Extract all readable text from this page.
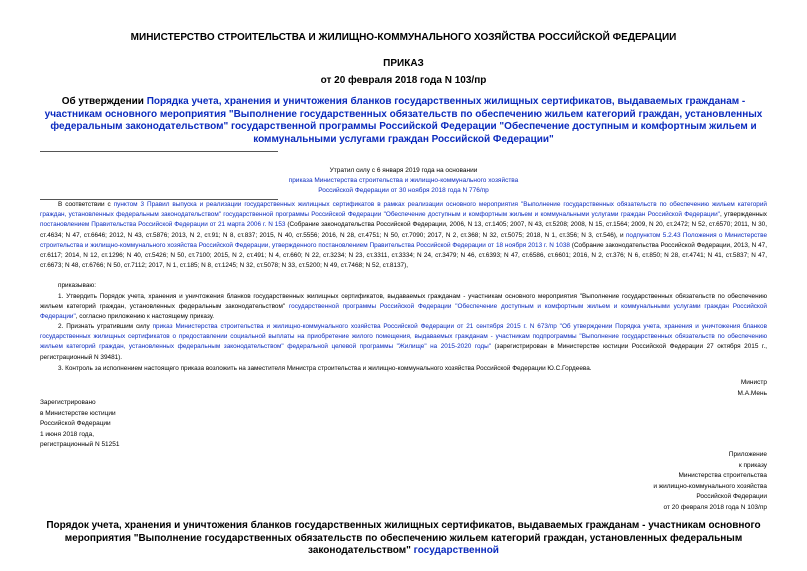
МИНИСТЕРСТВО СТРОИТЕЛЬСТВА И ЖИЛИЩНО-КОММУНАЛЬНОГО ХОЗЯЙСТВА РОССИЙСКОЙ ФЕДЕРАЦИИ
ПРИКАЗ
от 20 февраля 2018 года N 103/пр
Об утверждении Порядка учета, хранения и уничтожения бланков государственных жилищных сертификатов, выдаваемых гражданам - участникам основного мероприятия "Выполнение государственных обязательств по обеспечению жильем категорий граждан, установленных федеральным законодательством" государственной программы Российской Федерации "Обеспечение доступным и комфортным жильем и коммунальными услугами граждан Российской Федерации"
Утратил силу с 6 января 2019 года на основании
приказа Министерства строительства и жилищно-коммунального хозяйства
Российской Федерации от 30 ноября 2018 года N 776/пр
В соответствии с пунктом 3 Правил выпуска и реализации государственных жилищных сертификатов в рамках реализации основного мероприятия "Выполнение государственных обязательств по обеспечению жильем категорий граждан, установленных федеральным законодательством" государственной программы Российской Федерации "Обеспечение доступным и комфортным жильем и коммунальными услугами граждан Российской Федерации", утвержденных постановлением Правительства Российской Федерации от 21 марта 2006 г. N 153 (Собрание законодательства Российской Федерации, 2006, N 13, ст.1405; 2007, N 43, ст.5208; 2008, N 15, ст.1564; 2009, N 20, ст.2472; N 52, ст.6570; 2011, N 30, ст.4634; N 47, ст.6646; 2012, N 43, ст.5876; 2013, N 2, ст.91; N 8, ст.837; 2015, N 40, ст.5556; 2016, N 28, ст.4751; N 50, ст.7090; 2017, N 2, ст.368; N 32, ст.5075; 2018, N 1, ст.356; N 3, ст.546), и подпунктом 5.2.43 Положения о Министерстве строительства и жилищно-коммунального хозяйства Российской Федерации, утвержденного постановлением Правительства Российской Федерации от 18 ноября 2013 г. N 1038 (Собрание законодательства Российской Федерации, 2013, N 47, ст.6117; 2014, N 12, ст.1296; N 40, ст.5426; N 50, ст.7100; 2015, N 2, ст.491; N 4, ст.660; N 22, ст.3234; N 23, ст.3311, ст.3334; N 24, ст.3479; N 46, ст.6393; N 47, ст.6586, ст.6601; 2016, N 2, ст.376; N 6, ст.850; N 28, ст.4741; N 41, ст.5837; N 47, ст.6673; N 48, ст.6766; N 50, ст.7112; 2017, N 1, ст.185; N 8, ст.1245; N 32, ст.5078; N 33, ст.5200; N 49, ст.7468; N 52, ст.8137),
приказываю:
1. Утвердить Порядок учета, хранения и уничтожения бланков государственных жилищных сертификатов, выдаваемых гражданам - участникам основного мероприятия "Выполнение государственных обязательств по обеспечению жильем категорий граждан, установленных федеральным законодательством" государственной программы Российской Федерации "Обеспечение доступным и комфортным жильем и коммунальными услугами граждан Российской Федерации", согласно приложению к настоящему приказу.
2. Признать утратившим силу приказ Министерства строительства и жилищно-коммунального хозяйства Российской Федерации от 21 сентября 2015 г. N 673/пр "Об утверждении Порядка учета, хранения и уничтожения бланков государственных жилищных сертификатов о предоставлении социальной выплаты на приобретение жилого помещения, выдаваемых гражданам - участникам подпрограммы "Выполнение государственных обязательств по обеспечению жильем категорий граждан, установленных федеральным законодательством" федеральной целевой программы "Жилище" на 2015-2020 годы" (зарегистрирован в Министерстве юстиции Российской Федерации 27 октября 2015 г., регистрационный N 39481).
3. Контроль за исполнением настоящего приказа возложить на заместителя Министра строительства и жилищно-коммунального хозяйства Российской Федерации Ю.С.Гордеева.
Министр
М.А.Мень
Зарегистрировано
в Министерстве юстиции
Российской Федерации
1 июня 2018 года,
регистрационный N 51251
Приложение
к приказу
Министерства строительства
и жилищно-коммунального хозяйства
Российской Федерации
от 20 февраля 2018 года N 103/пр
Порядок учета, хранения и уничтожения бланков государственных жилищных сертификатов, выдаваемых гражданам - участникам основного мероприятия "Выполнение государственных обязательств по обеспечению жильем категорий граждан, установленных федеральным законодательством" государственной
